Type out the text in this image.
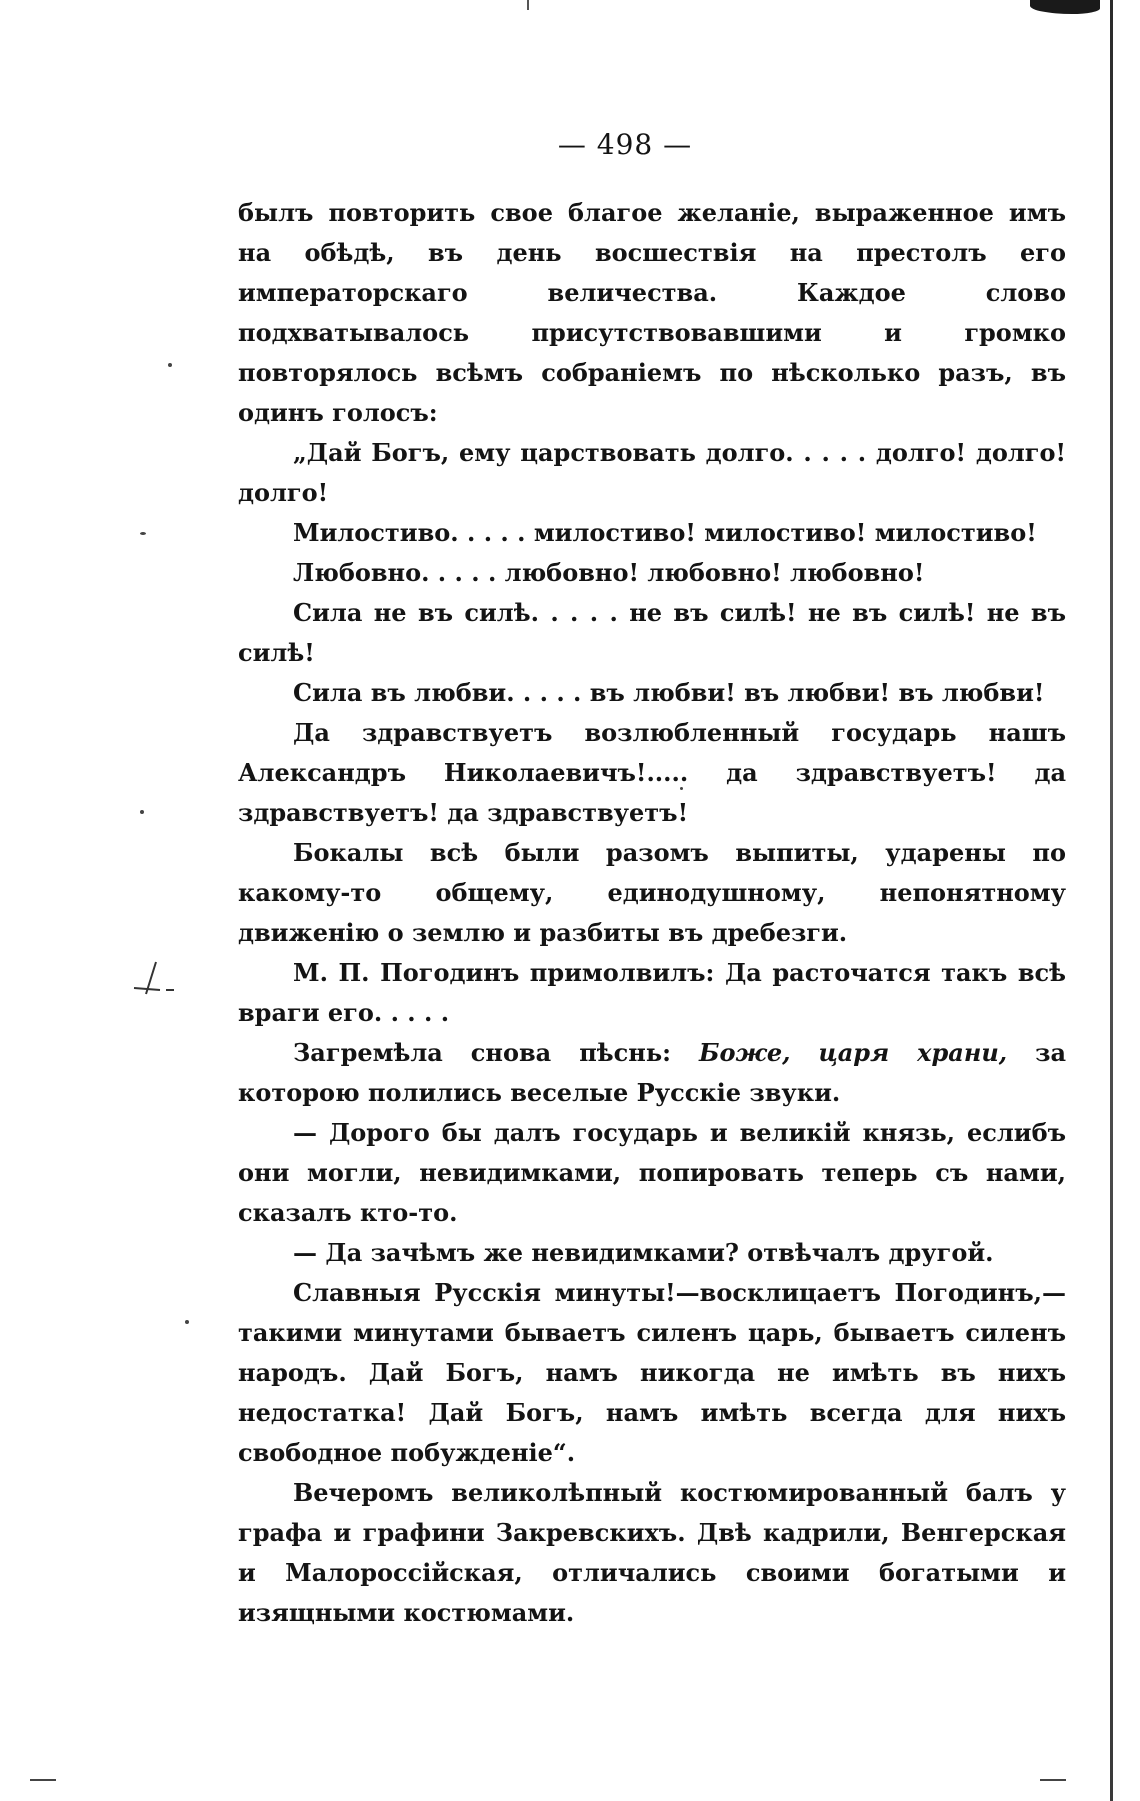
— 498 —

былъ повторить свое благое желаніе, выраженное имъ на обѣдѣ, въ день восшествія на престолъ его императорскаго величества. Каждое слово подхватывалось присутствовавшими и громко повторялось всѣмъ собраніемъ по нѣсколько разъ, въ одинъ голосъ:

„Дай Богъ, ему царствовать долго. . . . . долго! долго! долго!

Милостиво. . . . . милостиво! милостиво! милостиво!

Любовно. . . . . любовно! любовно! любовно!

Сила не въ силѣ. . . . . не въ силѣ! не въ силѣ! не въ силѣ!

Сила въ любви. . . . . въ любви! въ любви! въ любви!

Да здравствуетъ возлюбленный государь нашъ Александръ Николаевичъ!..... да здравствуетъ! да здравствуетъ! да здравствуетъ!

Бокалы всѣ были разомъ выпиты, ударены по какому-то общему, единодушному, непонятному движенію о землю и разбиты въ дребезги.

М. П. Погодинъ примолвилъ: Да расточатся такъ всѣ враги его. . . . .

Загремѣла снова пѣснь: Божe, царя храни, за которою полились веселые Русскіе звуки.

— Дорого бы далъ государь и великій князь, еслибъ они могли, невидимками, попировать теперь съ нами, сказалъ кто-то.

— Да зачѣмъ же невидимками? отвѣчалъ другой.

Славныя Русскія минуты!—восклицаетъ Погодинъ,—такими минутами бываетъ силенъ царь, бываетъ силенъ народъ. Дай Богъ, намъ никогда не имѣть въ нихъ недостатка! Дай Богъ, намъ имѣть всегда для нихъ свободное побужденіе“.

Вечеромъ великолѣпный костюмированный балъ у графа и графини Закревскихъ. Двѣ кадрили, Венгерская и Малороссійская, отличались своими богатыми и изящными костюмами.
